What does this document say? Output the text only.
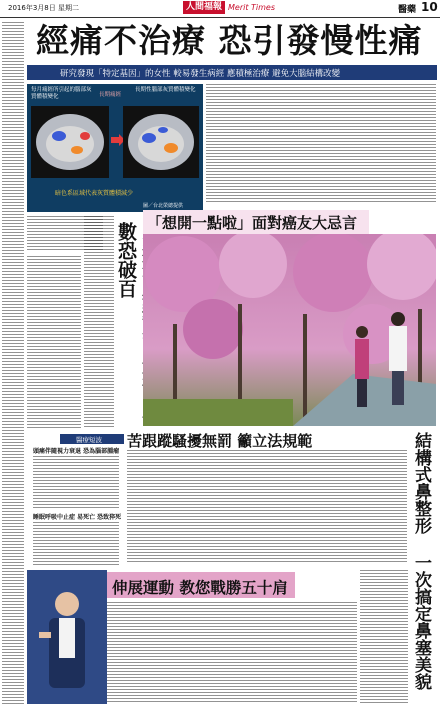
2016年3月8日 星期二	人間福報 Merit Times	醫藥 10
經痛不治療 恐引發慢性痛
研究發現「特定基因」的女性 較易發生病經 應積極治療 避免大腦結構改變
每月痛經所引起的腦部灰質體積變化	長期痛經
長期性腦部灰質體積變化
暗色系區域代表灰質體積減少
圖／台北榮總提供
數恐破百
「想開一點啦」面對癌友大忌言
醫療短波
頭痛伴隨視力衰退 恐為腦部腫瘤
睡眠呼吸中止症 易死亡 恐致猝死
苦跟蹤騷擾無罰 籲立法規範	結構式鼻整形 一次搞定鼻塞美貌
伸展運動 教您戰勝五十肩
